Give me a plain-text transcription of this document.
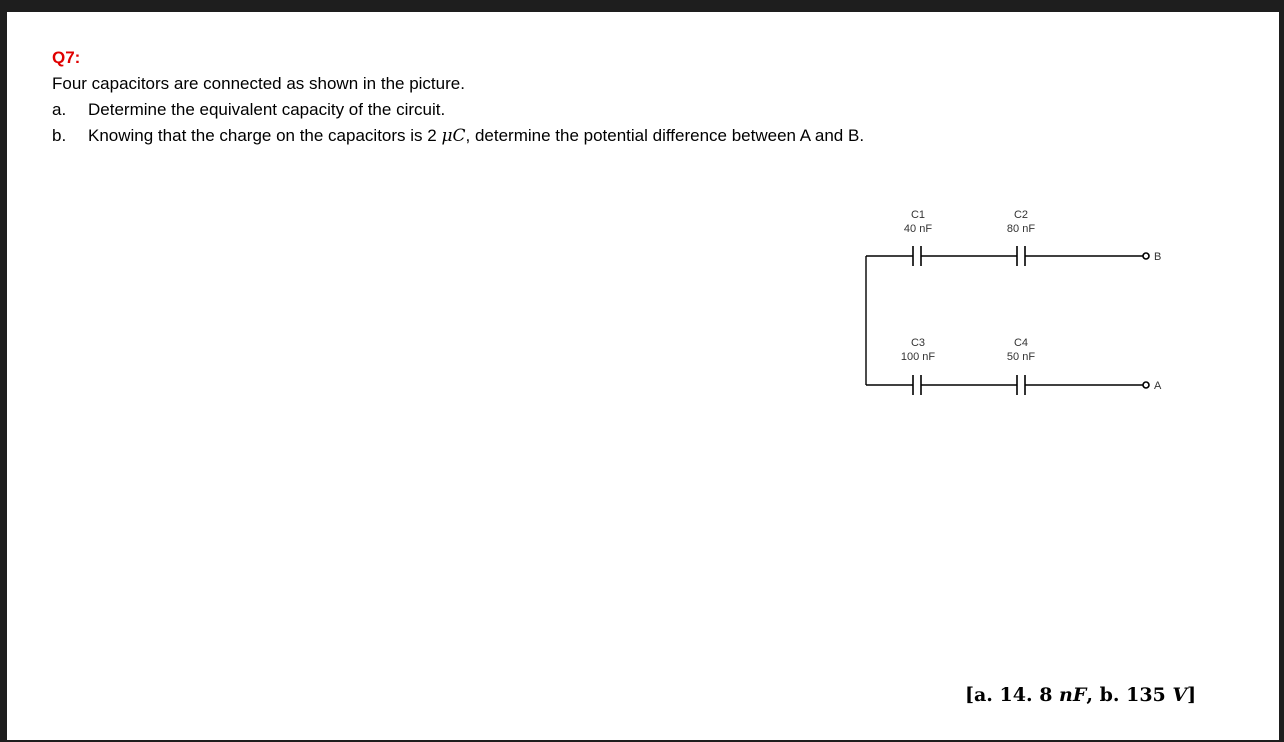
Q7:
Four capacitors are connected as shown in the picture.
a.	Determine the equivalent capacity of the circuit.
b.	Knowing that the charge on the capacitors is 2 μC, determine the potential difference between A and B.
C1
40 nF
C2
80 nF
C3
100 nF
C4
50 nF
B
A
[a. 14. 8 nF, b. 135 V]
